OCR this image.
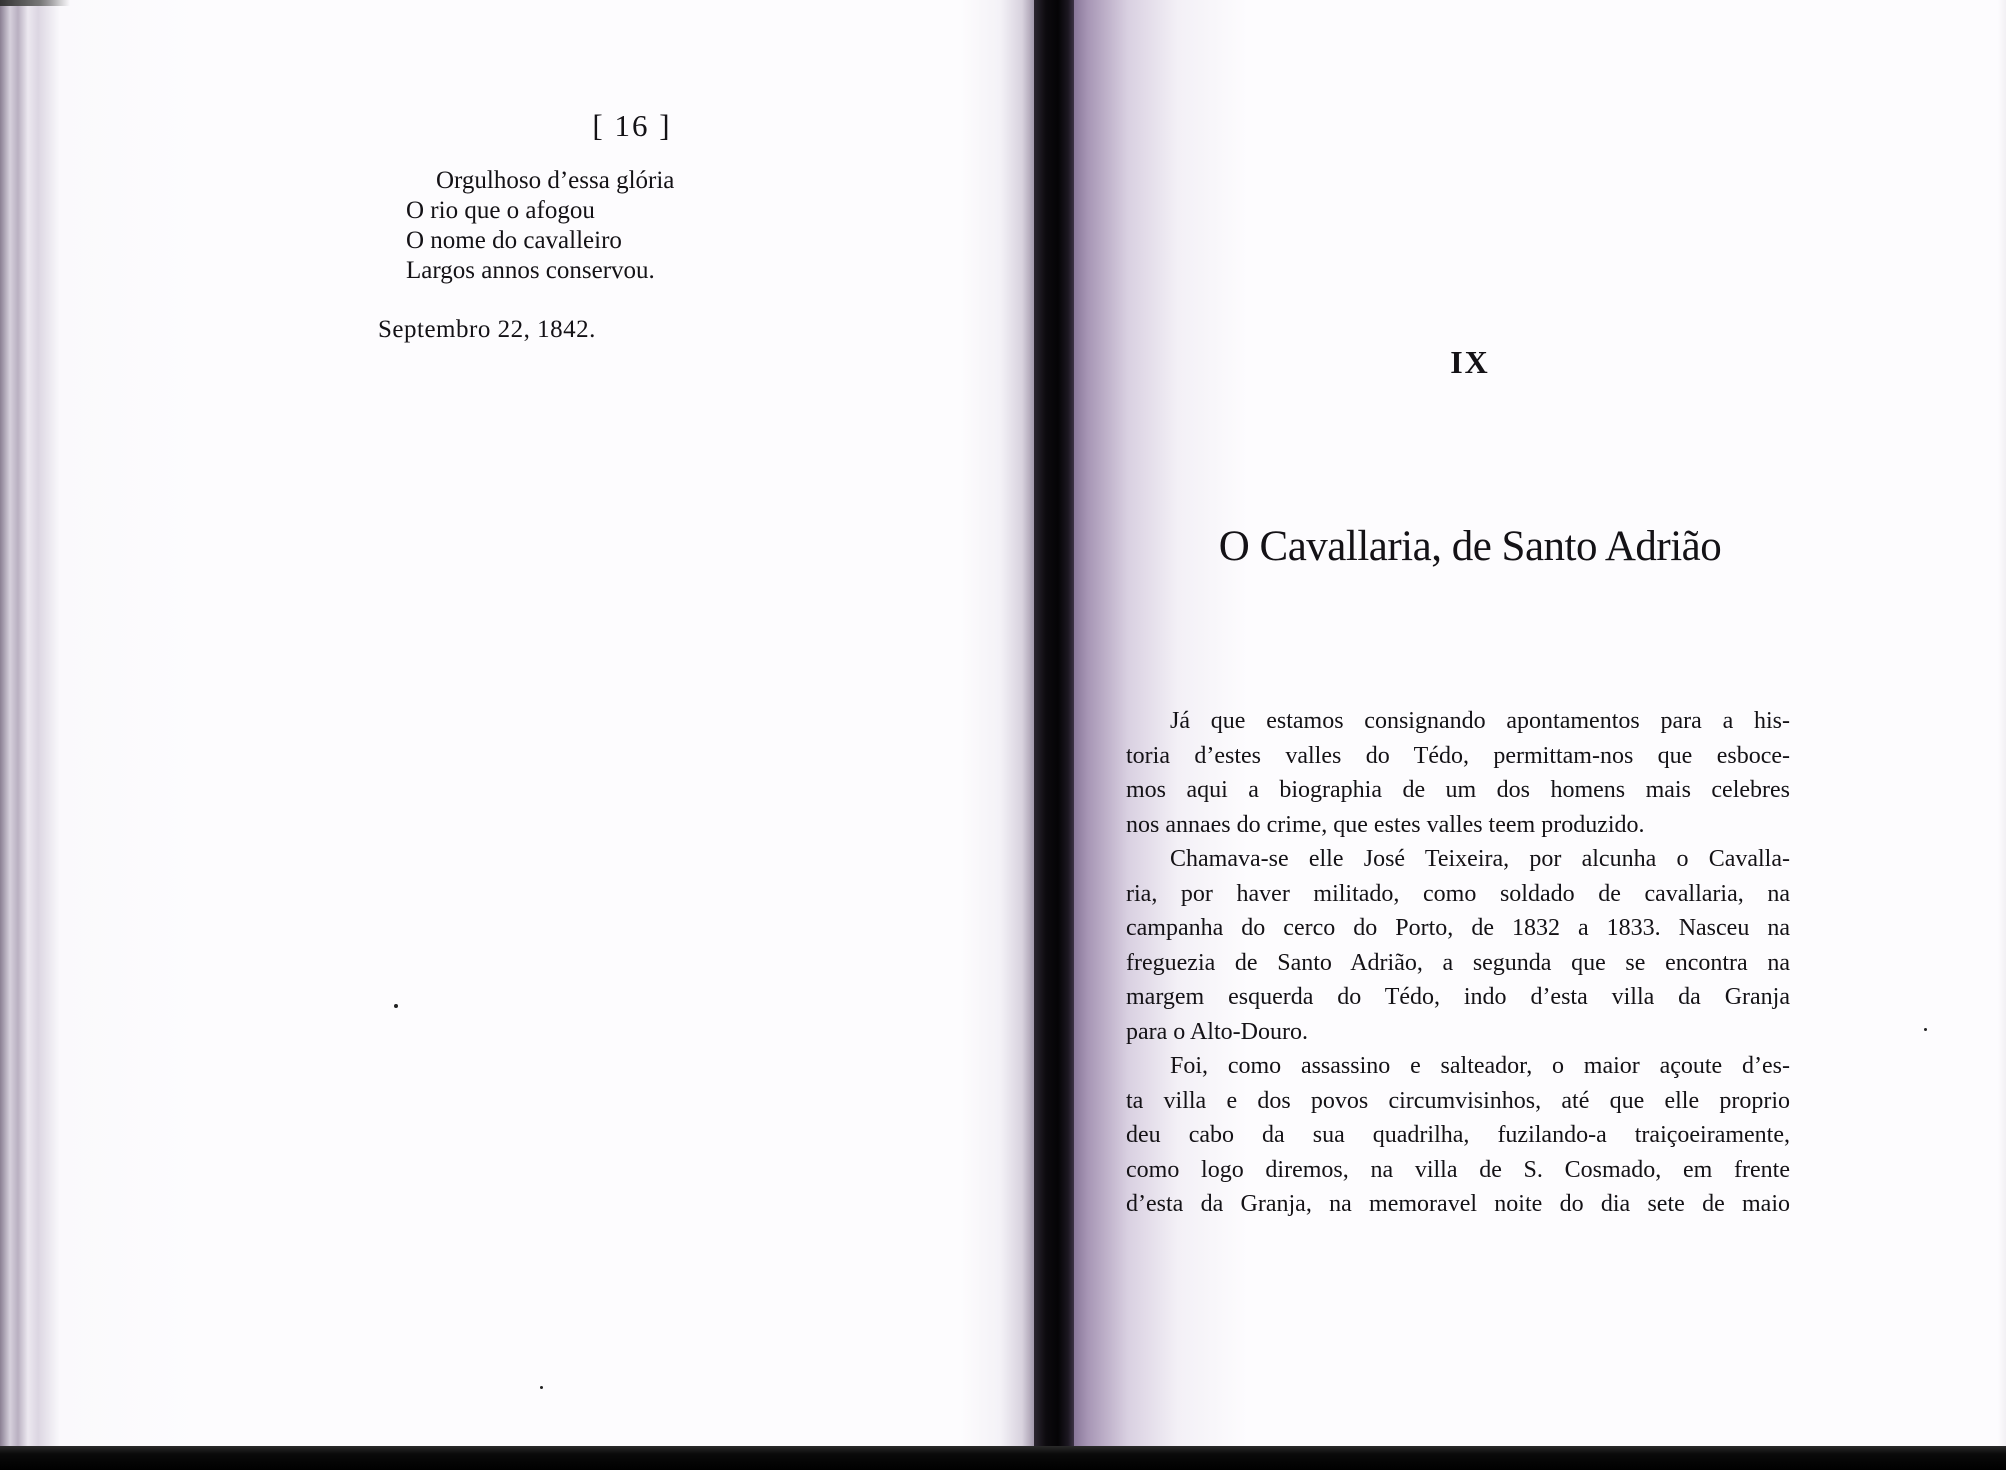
[ 16 ]
Orgulhoso d’essa glória
O rio que o afogou
O nome do cavalleiro
Largos annos conservou.
Septembro 22, 1842.
IX
O Cavallaria, de Santo Adrião
Já que estamos consignando apontamentos para a his-
toria d’estes valles do Tédo, permittam-nos que esboce-
mos aqui a biographia de um dos homens mais celebres
nos annaes do crime, que estes valles teem produzido.
Chamava-se elle José Teixeira, por alcunha o Cavalla-
ria, por haver militado, como soldado de cavallaria, na
campanha do cerco do Porto, de 1832 a 1833. Nasceu na
freguezia de Santo Adrião, a segunda que se encontra na
margem esquerda do Tédo, indo d’esta villa da Granja
para o Alto-Douro.
Foi, como assassino e salteador, o maior açoute d’es-
ta villa e dos povos circumvisinhos, até que elle proprio
deu cabo da sua quadrilha, fuzilando-a traiçoeiramente,
como logo diremos, na villa de S. Cosmado, em frente
d’esta da Granja, na memoravel noite do dia sete de maio
